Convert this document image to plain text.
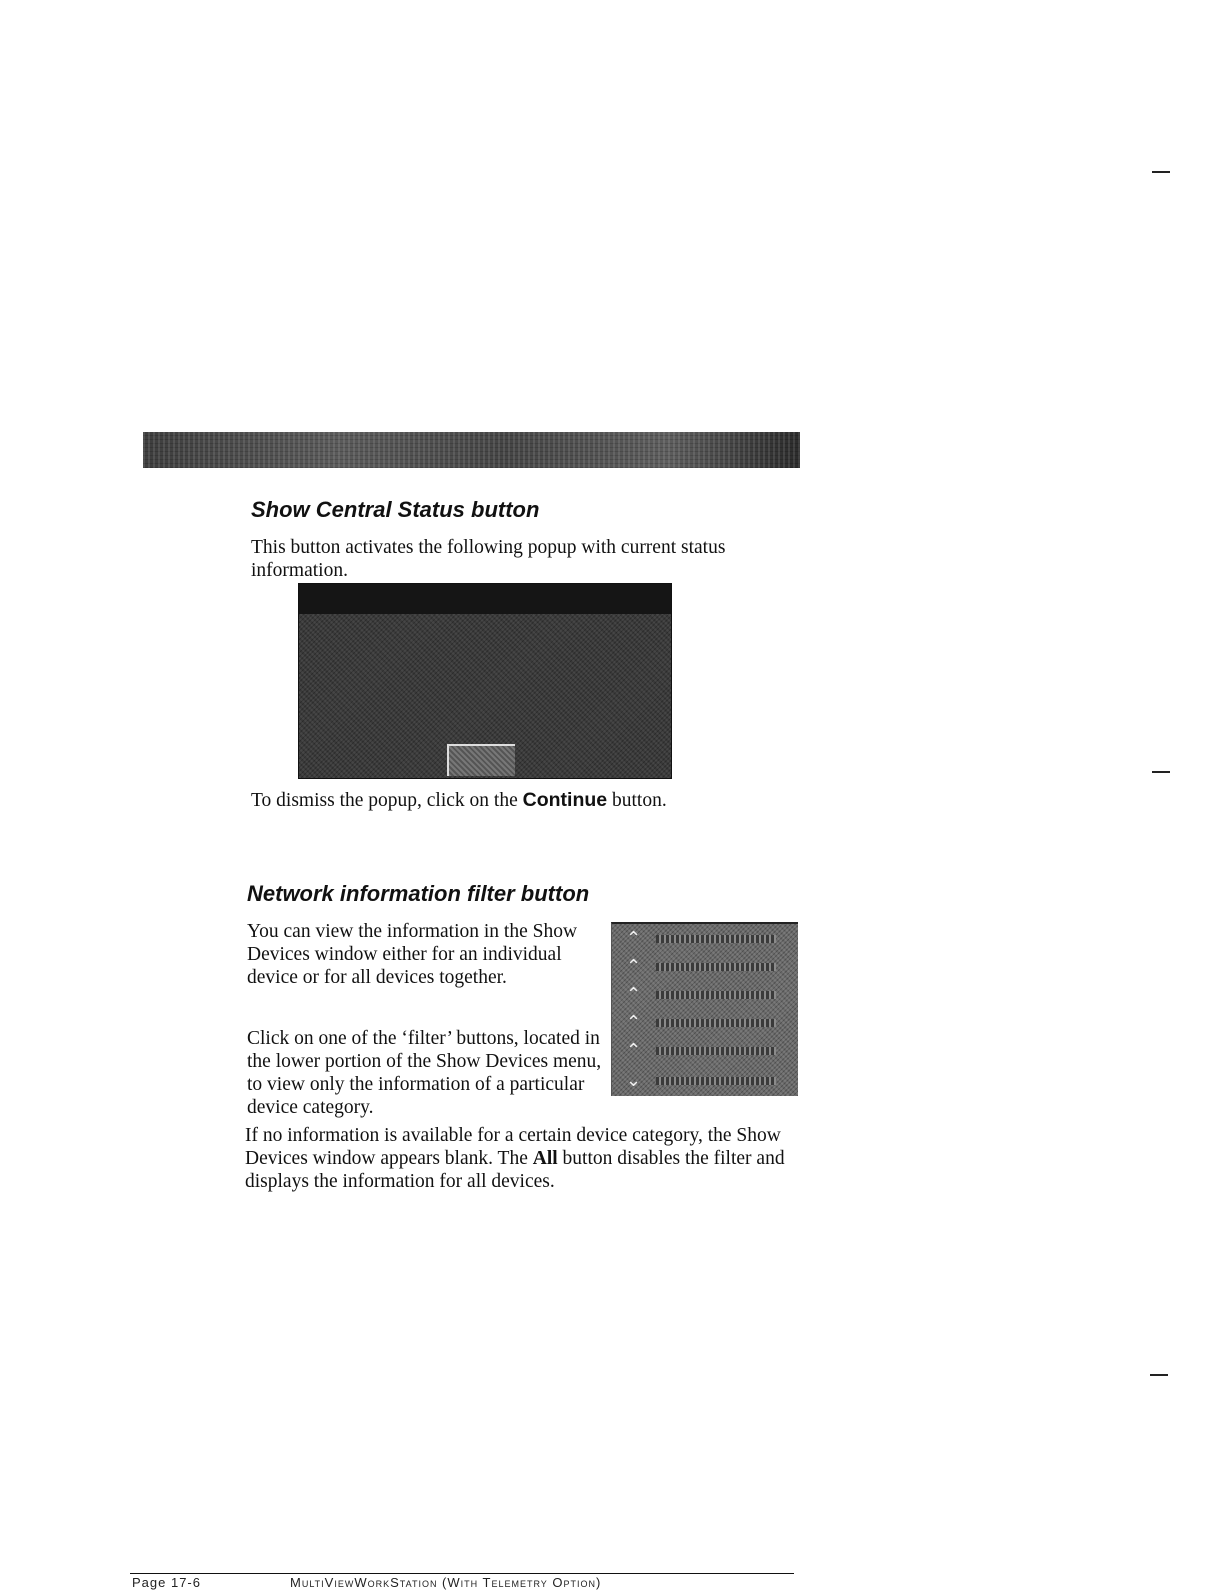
Show Central Status button

This button activates the following popup with current status information.

To dismiss the popup, click on the Continue button.

Network information filter button

You can view the information in the Show Devices window either for an individual device or for all devices together.

Click on one of the ‘filter’ buttons, located in the lower portion of the Show Devices menu, to view only the information of a particular device category.

⌃
⌃
⌃
⌃
⌃
⌄

If no information is available for a certain device category, the Show Devices window appears blank. The All button disables the filter and displays the information for all devices.

Page 17-6	MultiViewWorkStation (With Telemetry Option)
